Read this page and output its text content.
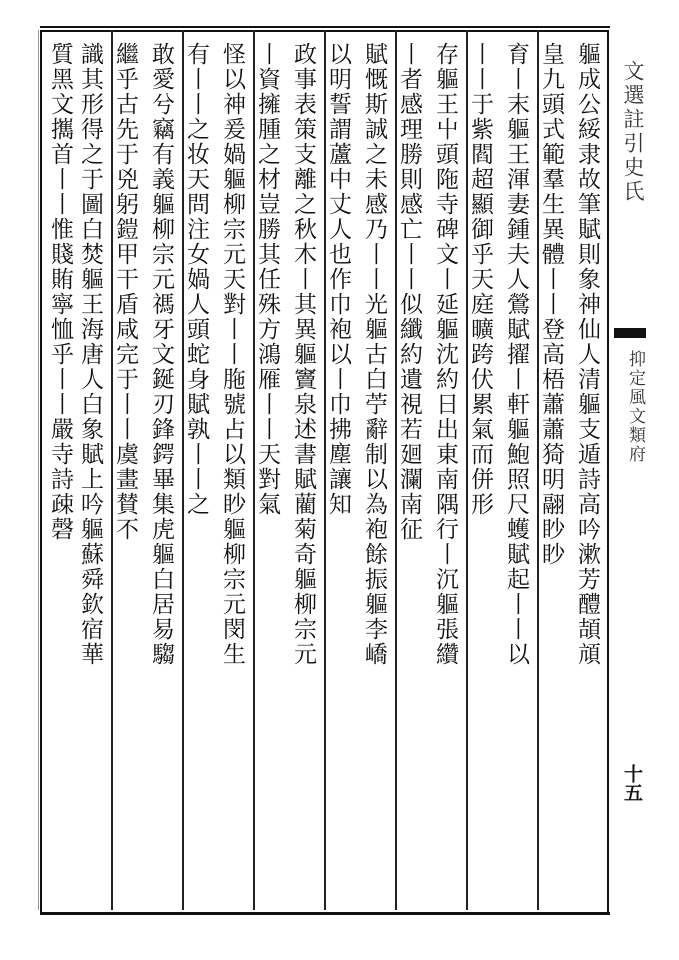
軀成公綏隶故筆賦則象神仙人清軀支遁詩高吟漱芳醴頡頏
皇九頭式範羣生異體丨丨登高梧蕭蕭猗明翮眇眇
育丨末軀王渾妻鍾夫人鶯賦擢丨軒軀鮑照尺蠖賦起丨丨以
丨丨于紫閻超顯御乎天庭曠跨伏累氣而併形
存軀王屮頭陁寺碑文丨延軀沈約日出東南隅行丨沉軀張纘
丨者感理勝則感亡丨丨似纖約遺視若廻瀾南征
賦慨斯誠之未感乃丨丨光軀古白苧辭制以為袍餘振軀李嶠
以明誓謂蘆中丈人也作巾袍以丨巾拂塵讓知
政事表策支離之秋木丨其異軀竇泉述書賦藺菊奇軀柳宗元
丨資擁腫之材豈勝其任殊方鴻雁丨丨天對氣
怪以神爰媧軀柳宗元天對丨丨胣號占以類眇軀柳宗元閔生
有丨丨之妆天問注女媧人頭蛇身賦孰丨丨之
敢愛兮竊有義軀柳宗元禡牙文鋋刃鋒鍔畢集虎軀白居易騶
繼乎古先于兇躬鎧甲干盾咸完于丨丨虞畫賛不
識其形得之于圖白焚軀王海唐人白象賦上吟軀蘇舜欽宿華
質黑文𢹂首丨丨惟賤賄寧恤乎丨丨嚴寺詩疎磬	文選註引史氏
抑定風文類府
十五
